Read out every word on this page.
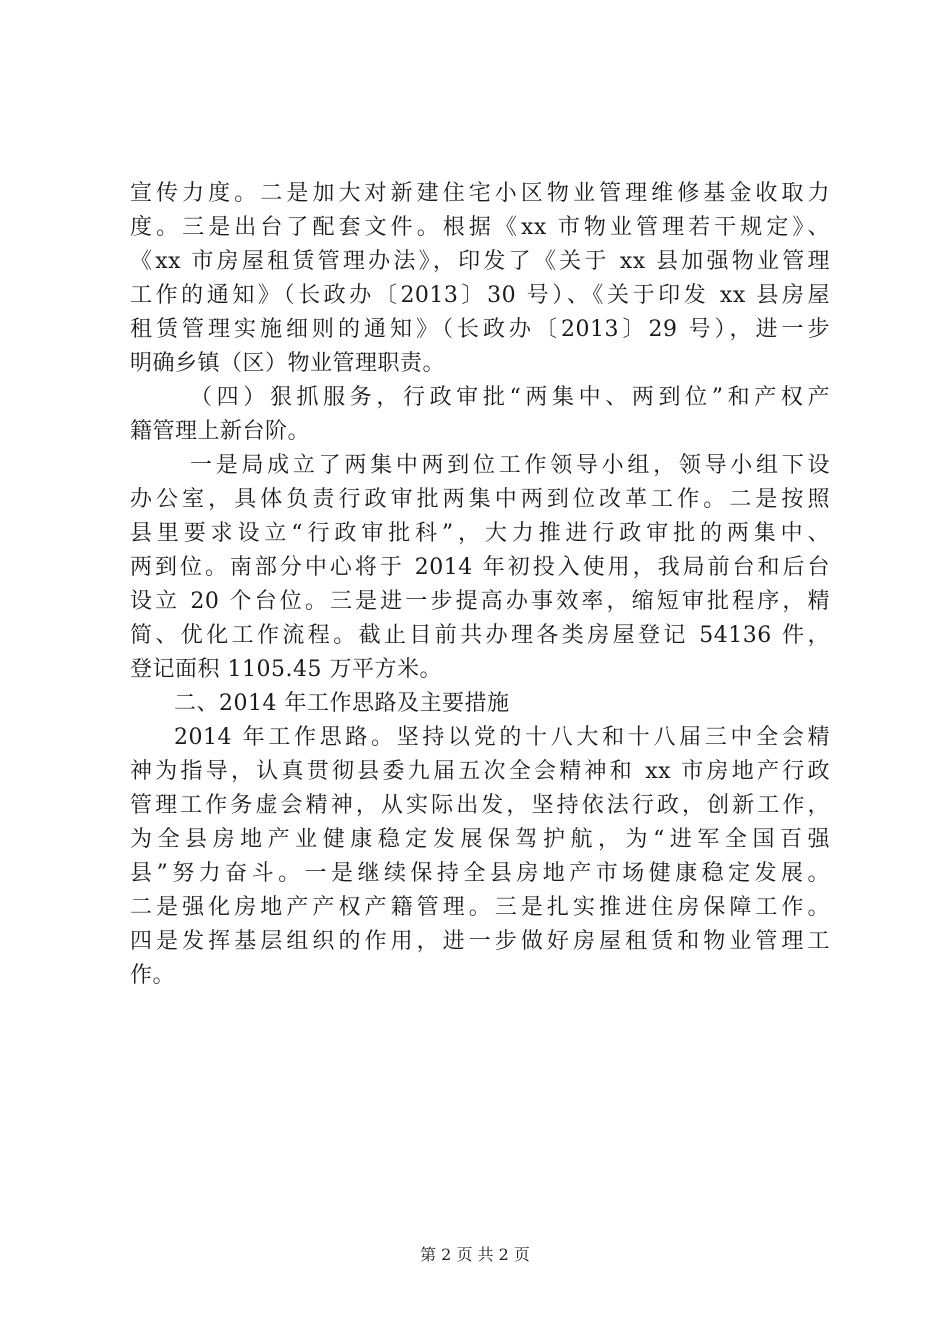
宣传力度。二是加大对新建住宅小区物业管理维修基金收取力
度。三是出台了配套文件。根据《xx 市物业管理若干规定》、
《xx 市房屋租赁管理办法》，印发了《关于 xx 县加强物业管理
工作的通知》（长政办〔2013〕30 号）、《关于印发 xx 县房屋
租赁管理实施细则的通知》（长政办〔2013〕29 号），进一步
明确乡镇（区）物业管理职责。
（四）狠抓服务，行政审批“两集中、两到位”和产权产
籍管理上新台阶。
一是局成立了两集中两到位工作领导小组，领导小组下设
办公室，具体负责行政审批两集中两到位改革工作。二是按照
县里要求设立“行政审批科”，大力推进行政审批的两集中、
两到位。南部分中心将于 2014 年初投入使用，我局前台和后台
设立 20 个台位。三是进一步提高办事效率，缩短审批程序，精
简、优化工作流程。截止目前共办理各类房屋登记 54136 件，
登记面积 1105.45 万平方米。
二、2014 年工作思路及主要措施
2014 年工作思路。坚持以党的十八大和十八届三中全会精
神为指导，认真贯彻县委九届五次全会精神和 xx 市房地产行政
管理工作务虚会精神，从实际出发，坚持依法行政，创新工作，
为全县房地产业健康稳定发展保驾护航，为“进军全国百强
县”努力奋斗。一是继续保持全县房地产市场健康稳定发展。
二是强化房地产产权产籍管理。三是扎实推进住房保障工作。
四是发挥基层组织的作用，进一步做好房屋租赁和物业管理工
作。
第 2 页 共 2 页
